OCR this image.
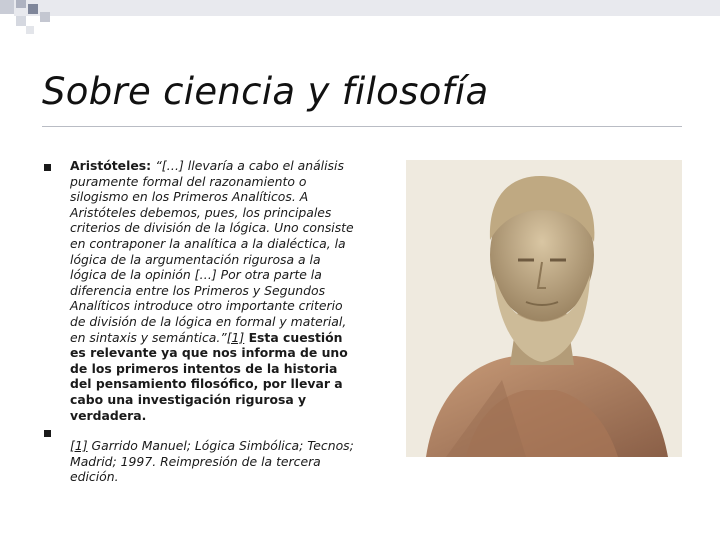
Sobre ciencia y filosofía

Aristóteles: “[…] llevaría a cabo el análisis puramente formal del razonamiento o silogismo en los Primeros Analíticos. A Aristóteles debemos, pues, los principales criterios de división de la lógica. Uno consiste en contraponer la analítica a la dialéctica, la lógica de la argumentación rigurosa a la lógica de la opinión […] Por otra parte la diferencia entre los Primeros y Segundos Analíticos introduce otro importante criterio de división de la lógica en formal y material, en sintaxis y semántica.”[1] Esta cuestión es relevante ya que nos informa de uno de los primeros intentos de la historia del pensamiento filosófico, por llevar a cabo una investigación rigurosa y verdadera.

[1] Garrido Manuel; Lógica Simbólica; Tecnos; Madrid; 1997. Reimpresión de la tercera edición.
